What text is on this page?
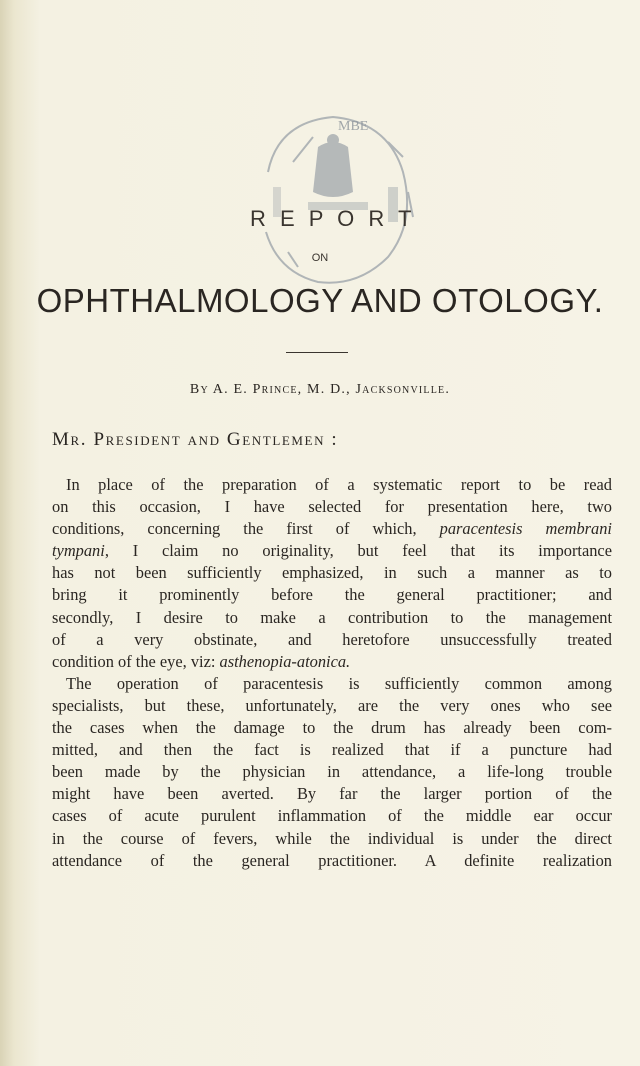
MBE
R E P O R T
ON
OPHTHALMOLOGY AND OTOLOGY.
By A. E. Prince, M. D., Jacksonville.
Mr. President and Gentlemen :
In place of the preparation of a systematic report to be read
on this occasion, I have selected for presentation here, two
conditions, concerning the first of which, paracentesis membrani
tympani, I claim no originality, but feel that its importance
has not been sufficiently emphasized, in such a manner as to
bring it prominently before the general practitioner; and
secondly, I desire to make a contribution to the management
of a very obstinate, and heretofore unsuccessfully treated
condition of the eye, viz: asthenopia-atonica.
The operation of paracentesis is sufficiently common among
specialists, but these, unfortunately, are the very ones who see
the cases when the damage to the drum has already been com-
mitted, and then the fact is realized that if a puncture had
been made by the physician in attendance, a life-long trouble
might have been averted. By far the larger portion of the
cases of acute purulent inflammation of the middle ear occur
in the course of fevers, while the individual is under the direct
attendance of the general practitioner. A definite realization
